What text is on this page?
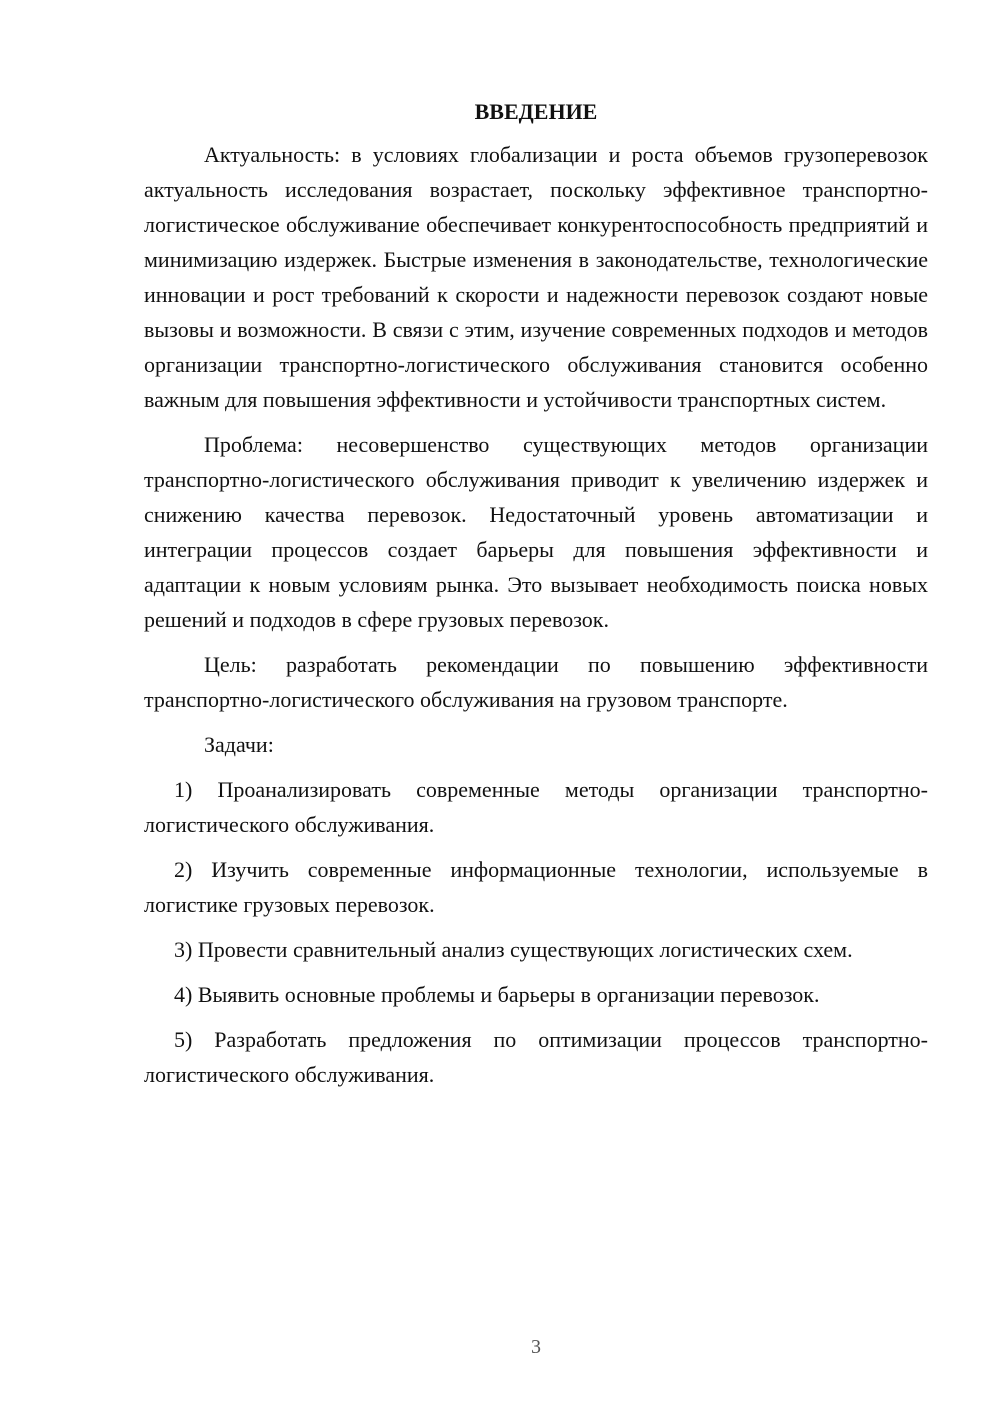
ВВЕДЕНИЕ

Актуальность: в условиях глобализации и роста объемов грузоперевозок актуальность исследования возрастает, поскольку эффективное транспортно-логистическое обслуживание обеспечивает конкурентоспособность предприятий и минимизацию издержек. Быстрые изменения в законодательстве, технологические инновации и рост требований к скорости и надежности перевозок создают новые вызовы и возможности. В связи с этим, изучение современных подходов и методов организации транспортно-логистического обслуживания становится особенно важным для повышения эффективности и устойчивости транспортных систем.

Проблема: несовершенство существующих методов организации транспортно-логистического обслуживания приводит к увеличению издержек и снижению качества перевозок. Недостаточный уровень автоматизации и интеграции процессов создает барьеры для повышения эффективности и адаптации к новым условиям рынка. Это вызывает необходимость поиска новых решений и подходов в сфере грузовых перевозок.

Цель: разработать рекомендации по повышению эффективности транспортно-логистического обслуживания на грузовом транспорте.

Задачи:

1) Проанализировать современные методы организации транспортно-логистического обслуживания.

2) Изучить современные информационные технологии, используемые в логистике грузовых перевозок.

3) Провести сравнительный анализ существующих логистических схем.

4) Выявить основные проблемы и барьеры в организации перевозок.

5) Разработать предложения по оптимизации процессов транспортно-логистического обслуживания.

3
